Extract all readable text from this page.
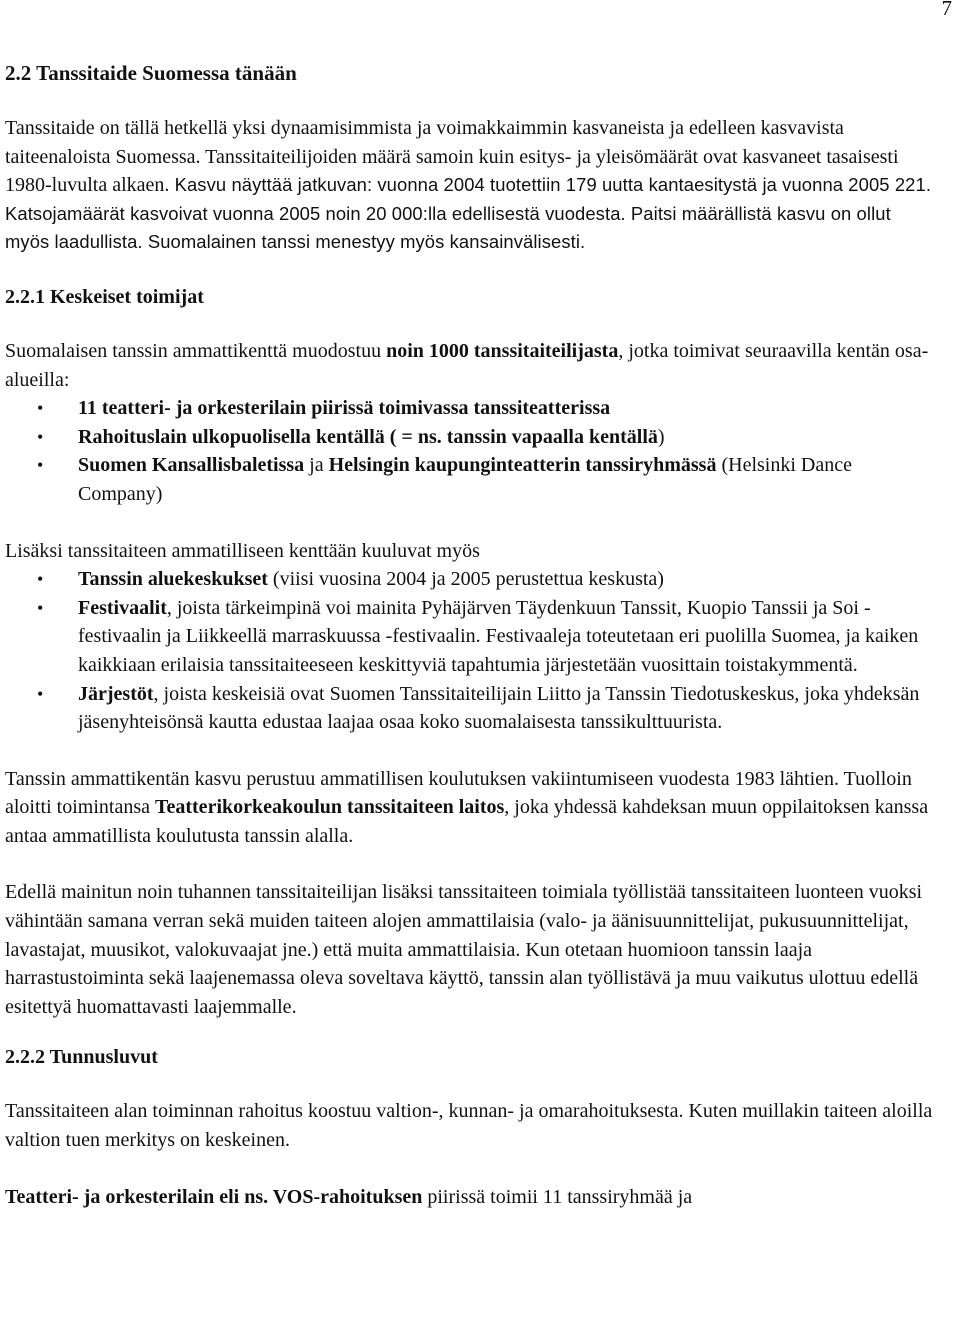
7
2.2 Tanssitaide Suomessa tänään

Tanssitaide on tällä hetkellä yksi dynaamisimmista ja voimakkaimmin kasvaneista ja edelleen kasvavista taiteenaloista Suomessa. Tanssitaiteilijoiden määrä samoin kuin esitys- ja yleisömäärät ovat kasvaneet tasaisesti 1980-luvulta alkaen. Kasvu näyttää jatkuvan: vuonna 2004 tuotettiin 179 uutta kantaesitystä ja vuonna 2005 221. Katsojamäärät kasvoivat vuonna 2005 noin 20 000:lla edellisestä vuodesta. Paitsi määrällistä kasvu on ollut myös laadullista. Suomalainen tanssi menestyy myös kansainvälisesti.

2.2.1 Keskeiset toimijat

Suomalaisen tanssin ammattikenttä muodostuu noin 1000 tanssitaiteilijasta, jotka toimivat seuraavilla kentän osa-alueilla:

• 11 teatteri- ja orkesterilain piirissä toimivassa tanssiteatterissa
• Rahoituslain ulkopuolisella kentällä ( = ns. tanssin vapaalla kentällä)
• Suomen Kansallisbaletissa ja Helsingin kaupunginteatterin tanssiryhmässä (Helsinki Dance Company)

Lisäksi tanssitaiteen ammatilliseen kenttään kuuluvat myös

• Tanssin aluekeskukset (viisi vuosina 2004 ja 2005 perustettua keskusta)
• Festivaalit, joista tärkeimpinä voi mainita Pyhäjärven Täydenkuun Tanssit, Kuopio Tanssii ja Soi -festivaalin ja Liikkeellä marraskuussa -festivaalin. Festivaaleja toteutetaan eri puolilla Suomea, ja kaiken kaikkiaan erilaisia tanssitaiteeseen keskittyviä tapahtumia järjestetään vuosittain toistakymmentä.
• Järjestöt, joista keskeisiä ovat Suomen Tanssitaiteilijain Liitto ja Tanssin Tiedotuskeskus, joka yhdeksän jäsenyhteisönsä kautta edustaa laajaa osaa koko suomalaisesta tanssikulttuurista.

Tanssin ammattikentän kasvu perustuu ammatillisen koulutuksen vakiintumiseen vuodesta 1983 lähtien. Tuolloin aloitti toimintansa Teatterikorkeakoulun tanssitaiteen laitos, joka yhdessä kahdeksan muun oppilaitoksen kanssa antaa ammatillista koulutusta tanssin alalla.

Edellä mainitun noin tuhannen tanssitaiteilijan lisäksi tanssitaiteen toimiala työllistää tanssitaiteen luonteen vuoksi vähintään samana verran sekä muiden taiteen alojen ammattilaisia (valo- ja äänisuunnittelijat, pukusuunnittelijat, lavastajat, muusikot, valokuvaajat jne.) että muita ammattilaisia. Kun otetaan huomioon tanssin laaja harrastustoiminta sekä laajenemassa oleva soveltava käyttö, tanssin alan työllistävä ja muu vaikutus ulottuu edellä esitettyä huomattavasti laajemmalle.

2.2.2 Tunnusluvut

Tanssitaiteen alan toiminnan rahoitus koostuu valtion-, kunnan- ja omarahoituksesta. Kuten muillakin taiteen aloilla valtion tuen merkitys on keskeinen.

Teatteri- ja orkesterilain eli ns. VOS-rahoituksen piirissä toimii 11 tanssiryhmää ja
